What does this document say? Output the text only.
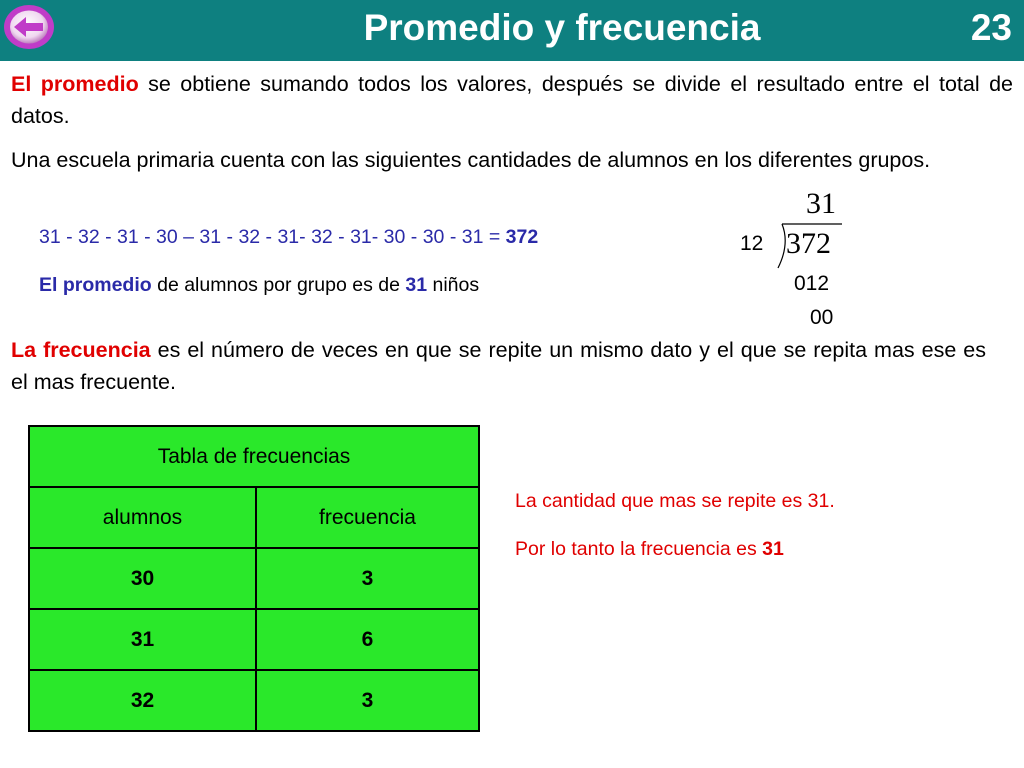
Promedio y frecuencia	23
El promedio se obtiene sumando todos los valores, después se divide el resultado entre el total de datos.
Una escuela primaria cuenta con las siguientes cantidades de alumnos en los diferentes grupos.
31 - 32 - 31 - 30 – 31 - 32 - 31- 32 - 31- 30 - 30 - 31 = 372
El promedio de alumnos por grupo es de 31 niños
31
12 372
012
00
La frecuencia es el número de veces en que se repite un mismo dato y el que se repita mas ese es el mas frecuente.
Tabla de frecuencias	
alumnos	frecuencia
30	3
31	6
32	3
La cantidad que mas se repite es 31.
Por lo tanto la frecuencia es 31
